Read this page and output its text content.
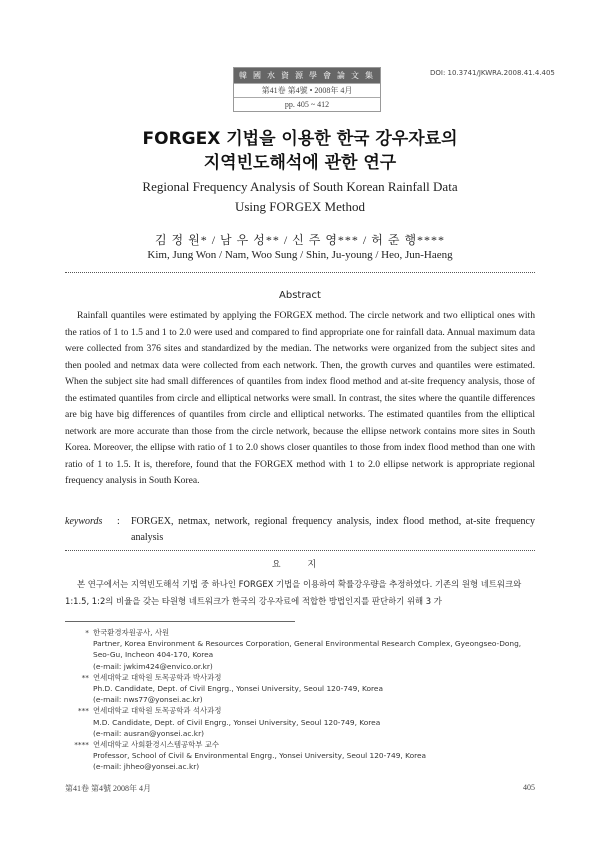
韓 國 水 資 源 學 會 論 文 集
第41卷 第4號 • 2008年 4月
pp. 405 ~ 412
DOI: 10.3741/JKWRA.2008.41.4.405
FORGEX 기법을 이용한 한국 강우자료의
지역빈도해석에 관한 연구
Regional Frequency Analysis of South Korean Rainfall Data
Using FORGEX Method
김 정 원* / 남 우 성** / 신 주 영*** / 허 준 행****
Kim, Jung Won / Nam, Woo Sung / Shin, Ju-young / Heo, Jun-Haeng
Abstract

Rainfall quantiles were estimated by applying the FORGEX method. The circle network and two elliptical ones with the ratios of 1 to 1.5 and 1 to 2.0 were used and compared to find appropriate one for rainfall data. Annual maximum data were collected from 376 sites and standardized by the median. The networks were organized from the subject sites and then pooled and netmax data were collected from each network. Then, the growth curves and quantiles were estimated. When the subject site had small differences of quantiles from index flood method and at-site frequency analysis, those of the estimated quantiles from circle and elliptical networks were small. In contrast, the sites where the quantile differences are big have big differences of quantiles from circle and elliptical networks. The estimated quantiles from the elliptical network are more accurate than those from the circle network, because the ellipse network contains more sites in South Korea. Moreover, the ellipse with ratio of 1 to 2.0 shows closer quantiles to those from index flood method than one with ratio of 1 to 1.5. It is, therefore, found that the FORGEX method with 1 to 2.0 ellipse network is appropriate regional frequency analysis in South Korea.

keywords : FORGEX, netmax, network, regional frequency analysis, index flood method, at-site frequency analysis
요 지

본 연구에서는 지역빈도해석 기법 중 하나인 FORGEX 기법을 이용하여 확률강우량을 추정하였다. 기존의 원형 네트워크와 1:1.5, 1:2의 비율을 갖는 타원형 네트워크가 한국의 강우자료에 적합한 방법인지를 판단하기 위해 3 가

* 한국환경자원공사, 사원
Partner, Korea Environment & Resources Corporation, General Environmental Research Complex, Gyeongseo-Dong,
Seo-Gu, Incheon 404-170, Korea
(e-mail: jwkim424@envico.or.kr)
** 연세대학교 대학원 토목공학과 박사과정
Ph.D. Candidate, Dept. of Civil Engrg., Yonsei University, Seoul 120-749, Korea
(e-mail: nws77@yonsei.ac.kr)
*** 연세대학교 대학원 토목공학과 석사과정
M.D. Candidate, Dept. of Civil Engrg., Yonsei University, Seoul 120-749, Korea
(e-mail: ausran@yonsei.ac.kr)
**** 연세대학교 사회환경시스템공학부 교수
Professor, School of Civil & Environmental Engrg., Yonsei University, Seoul 120-749, Korea
(e-mail: jhheo@yonsei.ac.kr)
第41卷 第4號 2008年 4月	405
